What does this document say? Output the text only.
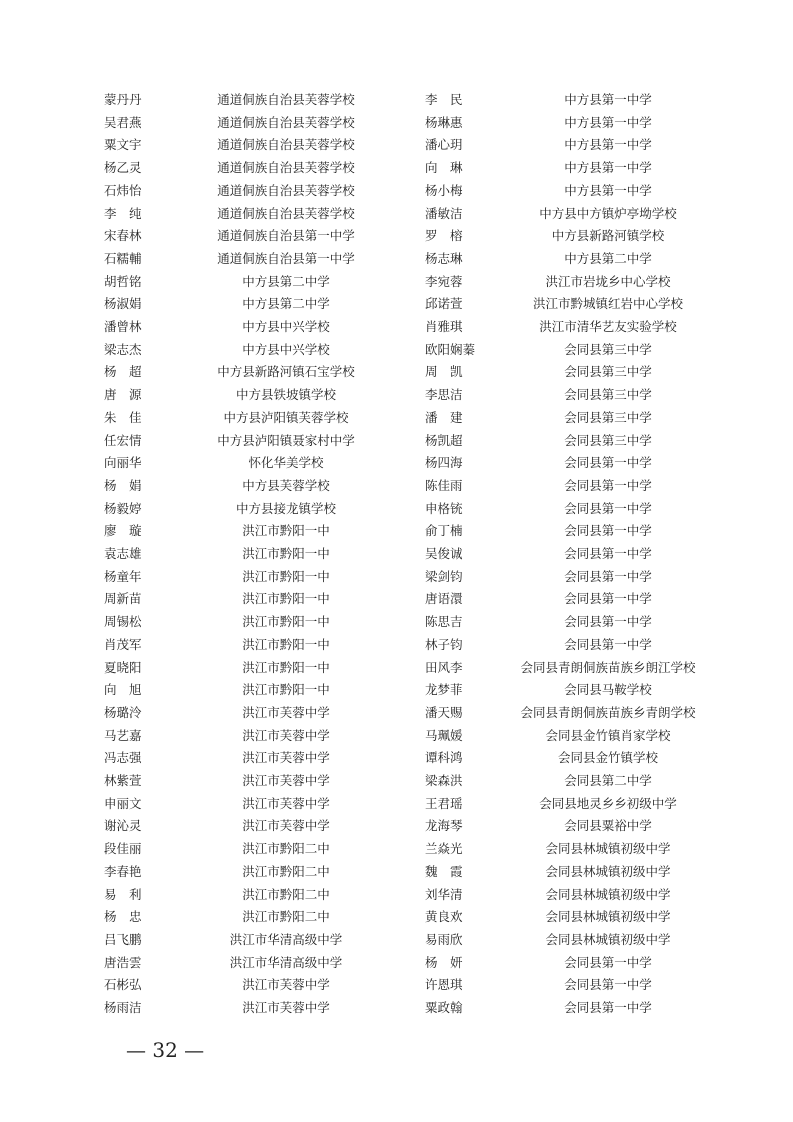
蒙丹丹	通道侗族自治县芙蓉学校	李　民	中方县第一中学
吴君燕	通道侗族自治县芙蓉学校	杨琳惠	中方县第一中学
粟文宇	通道侗族自治县芙蓉学校	潘心玥	中方县第一中学
杨乙灵	通道侗族自治县芙蓉学校	向　琳	中方县第一中学
石炜怡	通道侗族自治县芙蓉学校	杨小梅	中方县第一中学
李　纯	通道侗族自治县芙蓉学校	潘敏洁	中方县中方镇炉亭坳学校
宋春林	通道侗族自治县第一中学	罗　榕	中方县新路河镇学校
石糯輔	通道侗族自治县第一中学	杨志琳	中方县第二中学
胡哲铭	中方县第二中学	李宛蓉	洪江市岩垅乡中心学校
杨淑娟	中方县第二中学	邱诺萱	洪江市黔城镇红岩中心学校
潘曾林	中方县中兴学校	肖雅琪	洪江市清华艺友实验学校
梁志杰	中方县中兴学校	欧阳娴蓁	会同县第三中学
杨　超	中方县新路河镇石宝学校	周　凯	会同县第三中学
唐　源	中方县铁坡镇学校	李思洁	会同县第三中学
朱　佳	中方县泸阳镇芙蓉学校	潘　建	会同县第三中学
任宏情	中方县泸阳镇聂家村中学	杨凯超	会同县第三中学
向丽华	怀化华美学校	杨四海	会同县第一中学
杨　娟	中方县芙蓉学校	陈佳雨	会同县第一中学
杨毅婷	中方县接龙镇学校	申格铳	会同县第一中学
廖　璇	洪江市黔阳一中	俞丁楠	会同县第一中学
袁志雄	洪江市黔阳一中	吴俊诚	会同县第一中学
杨童年	洪江市黔阳一中	梁剑钧	会同县第一中学
周新苗	洪江市黔阳一中	唐语澴	会同县第一中学
周锡松	洪江市黔阳一中	陈思吉	会同县第一中学
肖茂军	洪江市黔阳一中	林子钧	会同县第一中学
夏晓阳	洪江市黔阳一中	田风李	会同县青朗侗族苗族乡朗江学校
向　旭	洪江市黔阳一中	龙梦菲	会同县马鞍学校
杨璐泠	洪江市芙蓉中学	潘天赐	会同县青朗侗族苗族乡青朗学校
马艺嘉	洪江市芙蓉中学	马珮媛	会同县金竹镇肖家学校
冯志强	洪江市芙蓉中学	谭科鸿	会同县金竹镇学校
林紫萱	洪江市芙蓉中学	梁森洪	会同县第二中学
申丽文	洪江市芙蓉中学	王君瑶	会同县地灵乡乡初级中学
谢沁灵	洪江市芙蓉中学	龙海琴	会同县粟裕中学
段佳丽	洪江市黔阳二中	兰焱光	会同县林城镇初级中学
李春艳	洪江市黔阳二中	魏　霞	会同县林城镇初级中学
易　利	洪江市黔阳二中	刘华清	会同县林城镇初级中学
杨　忠	洪江市黔阳二中	黄良欢	会同县林城镇初级中学
吕飞鹏	洪江市华清高级中学	易雨欣	会同县林城镇初级中学
唐浩雲	洪江市华清高级中学	杨　妍	会同县第一中学
石彬弘	洪江市芙蓉中学	许恩琪	会同县第一中学
杨雨洁	洪江市芙蓉中学	粟政翰	会同县第一中学
— 32 —
